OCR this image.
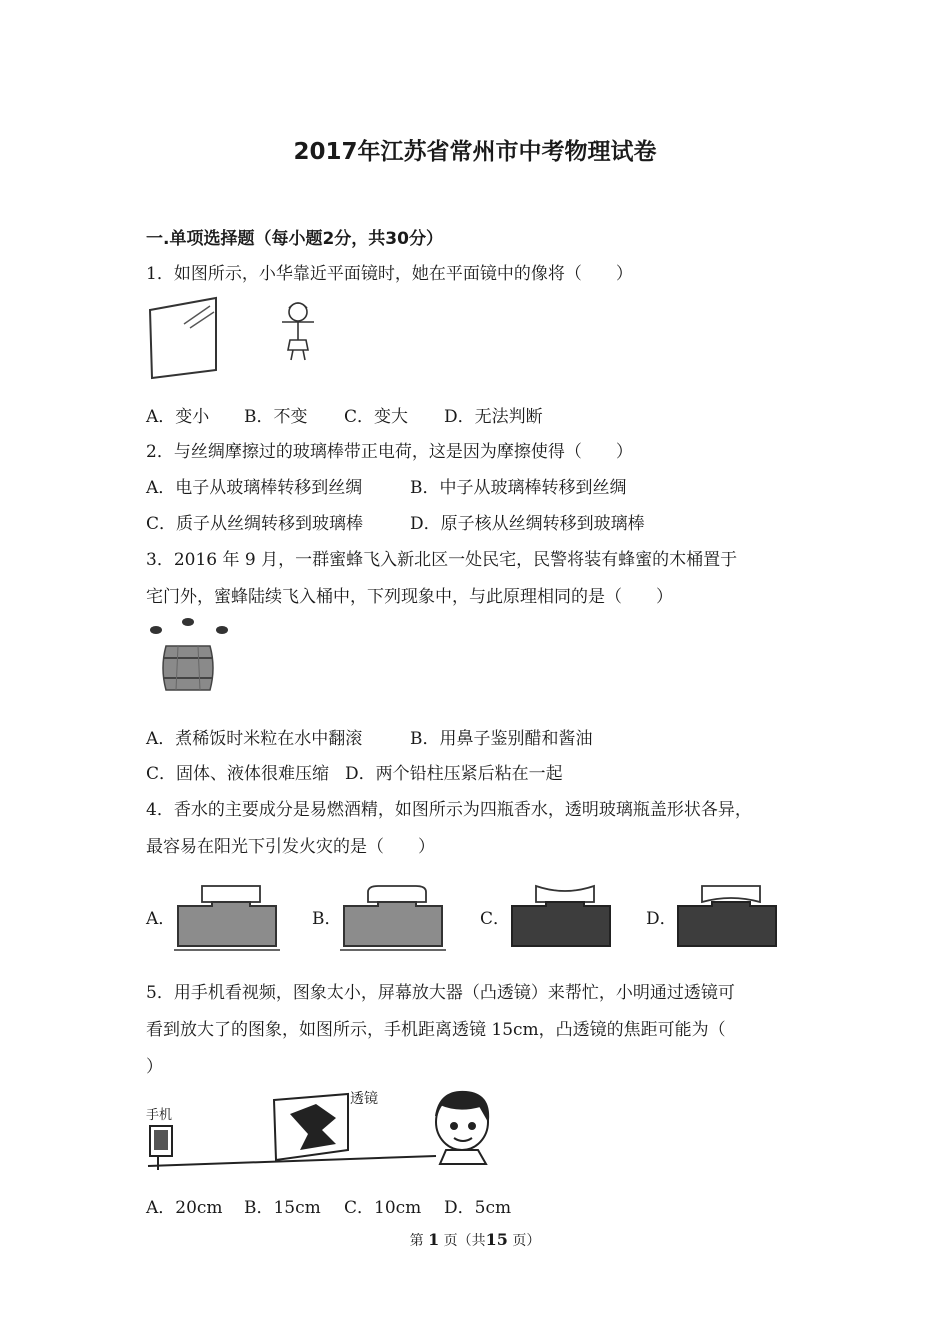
2017年江苏省常州市中考物理试卷
一.单项选择题（每小题2分，共30分）
1．如图所示，小华靠近平面镜时，她在平面镜中的像将（　　）
A．变小 B．不变 C．变大 D．无法判断
2．与丝绸摩擦过的玻璃棒带正电荷，这是因为摩擦使得（　　）
A．电子从玻璃棒转移到丝绸	B．中子从玻璃棒转移到丝绸
C．质子从丝绸转移到玻璃棒	D．原子核从丝绸转移到玻璃棒
3．2016 年 9 月，一群蜜蜂飞入新北区一处民宅，民警将装有蜂蜜的木桶置于
宅门外，蜜蜂陆续飞入桶中，下列现象中，与此原理相同的是（　　）
A．煮稀饭时米粒在水中翻滚	B．用鼻子鉴别醋和酱油
C．固体、液体很难压缩 D．两个铅柱压紧后粘在一起
4．香水的主要成分是易燃酒精，如图所示为四瓶香水，透明玻璃瓶盖形状各异，
最容易在阳光下引发火灾的是（　　）
A．	B．	C．	D．
5．用手机看视频，图象太小，屏幕放大器（凸透镜）来帮忙，小明通过透镜可
看到放大了的图象，如图所示，手机距离透镜 15cm，凸透镜的焦距可能为（
）
手机
透镜
A．20cm B．15cm C．10cm D．5cm
第 1 页（共15 页）
